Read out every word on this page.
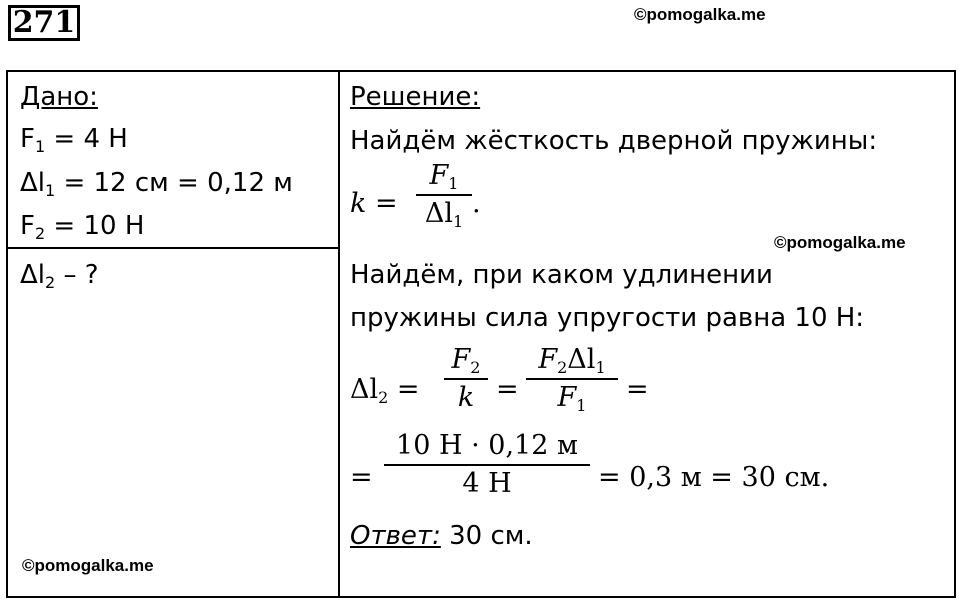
271	©pomogalka.me
Дано:
$F_1 = 4$ Н
$\Delta l_1 = 12$ см = 0,12 м
$F_2 = 10$ Н
$\Delta l_2$ – ?
©pomogalka.me
Решение:
Найдём жёсткость дверной пружины:
k =
$F_1$
$\Delta l_1$
.
©pomogalka.me
Найдём, при каком удлинении
пружины сила упругости равна 10 Н:
$\Delta l_2$ =
$F_2$
k =
$F_2\Delta l_1$
$F_1$
=
=
10 Н · 0,12 м
4 Н	= 0,3 м = 30 см.
Ответ: 30 см.
